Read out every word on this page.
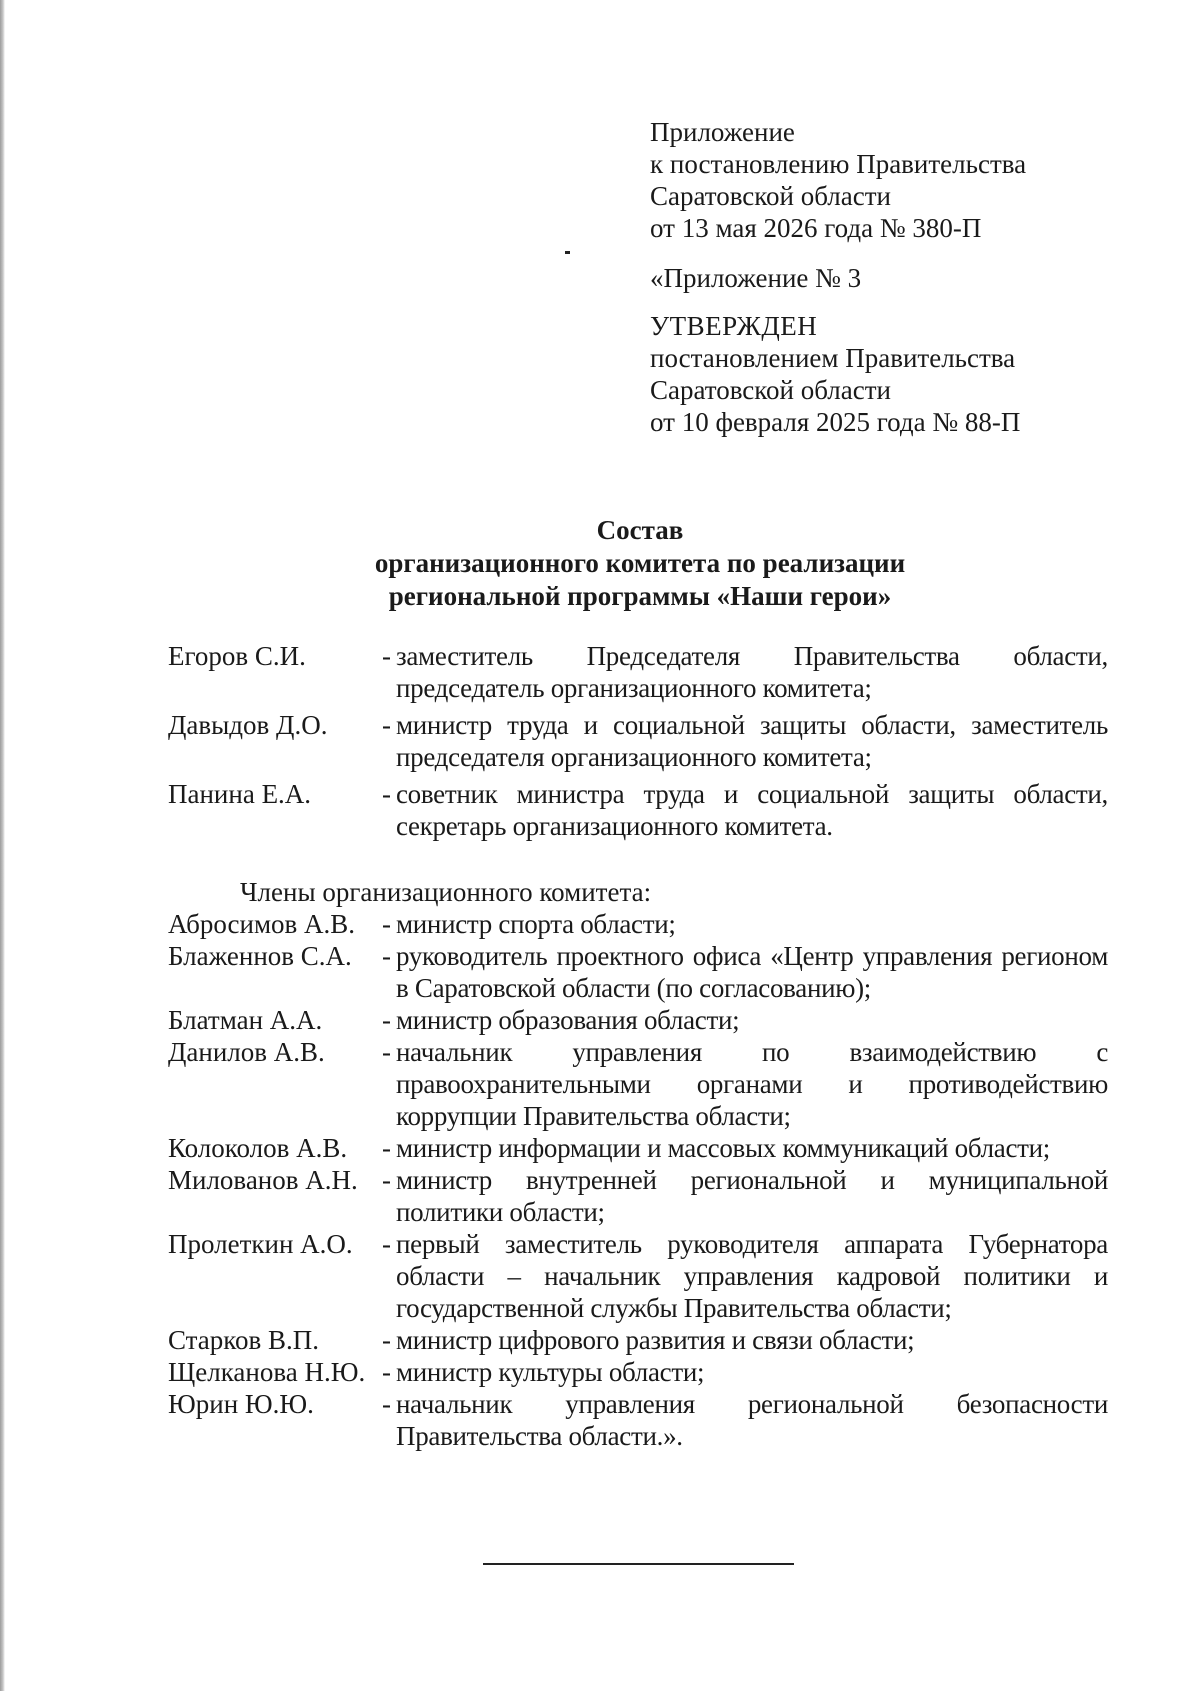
Приложение
к постановлению Правительства
Саратовской области
от 13 мая 2026 года № 380-П
«Приложение № 3
УТВЕРЖДЕН
постановлением Правительства
Саратовской области
от 10 февраля 2025 года № 88-П
Состав
организационного комитета по реализации
региональной программы «Наши герои»
Егоров С.И.	- заместитель Председателя Правительства области, председатель организационного комитета;
Давыдов Д.О.	- министр труда и социальной защиты области, заместитель председателя организационного комитета;
Панина Е.А.	- советник министра труда и социальной защиты области, секретарь организационного комитета.
Члены организационного комитета:
Абросимов А.В. - министр спорта области;
Блаженнов С.А.	- руководитель проектного офиса «Центр управления регионом в Саратовской области (по согласованию);
Блатман А.А.	- министр образования области;
Данилов А.В.	- начальник управления по взаимодействию с правоохранительными органами и противодействию коррупции Правительства области;
Колоколов А.В.	- министр информации и массовых коммуникаций области;
Милованов А.Н. - министр внутренней региональной и муниципальной политики области;
Пролеткин А.О.	- первый заместитель руководителя аппарата Губернатора области – начальник управления кадровой политики и государственной службы Правительства области;
Старков В.П.	- министр цифрового развития и связи области;
Щелканова Н.Ю. - министр культуры области;
Юрин Ю.Ю.	- начальник управления региональной безопасности Правительства области.».
